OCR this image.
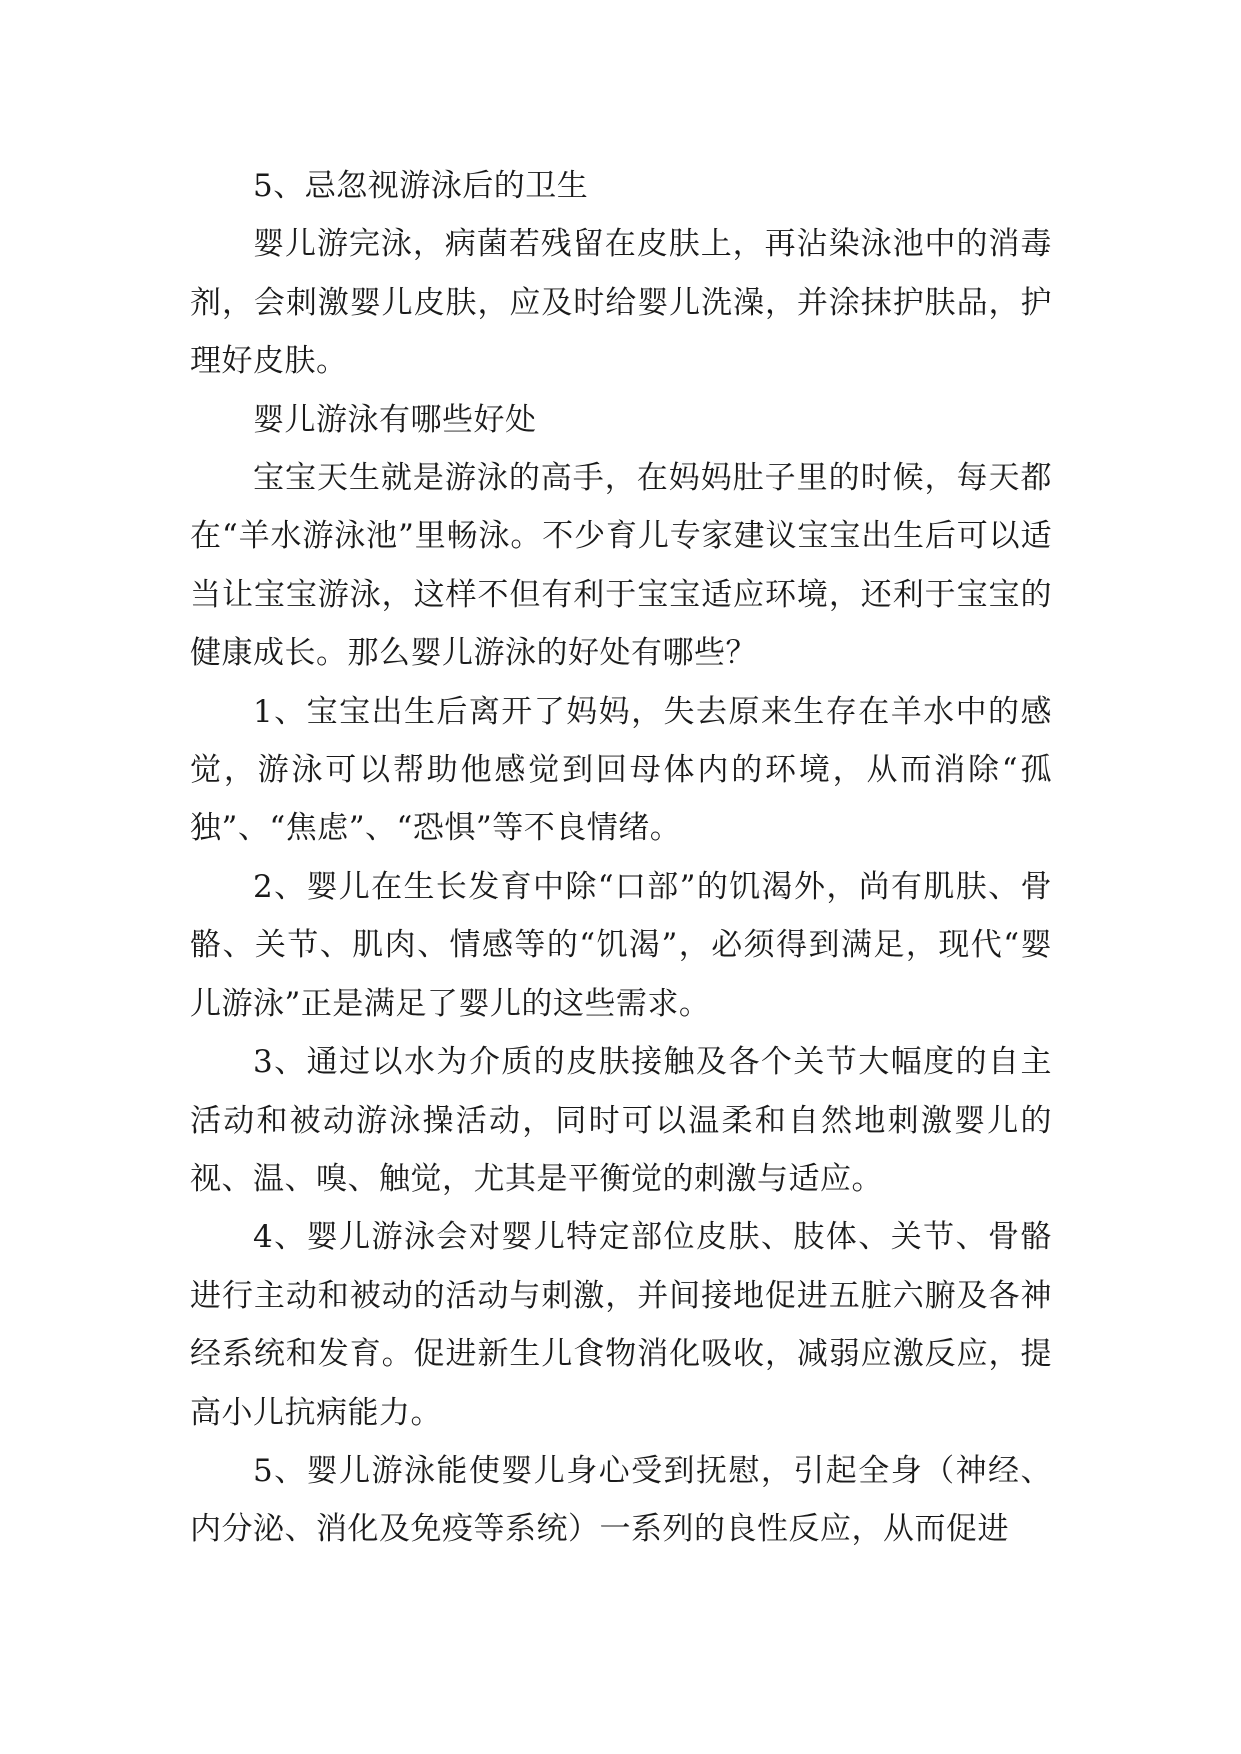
5、忌忽视游泳后的卫生

婴儿游完泳，病菌若残留在皮肤上，再沾染泳池中的消毒剂，会刺激婴儿皮肤，应及时给婴儿洗澡，并涂抹护肤品，护理好皮肤。

婴儿游泳有哪些好处

宝宝天生就是游泳的高手，在妈妈肚子里的时候，每天都在“羊水游泳池”里畅泳。不少育儿专家建议宝宝出生后可以适当让宝宝游泳，这样不但有利于宝宝适应环境，还利于宝宝的健康成长。那么婴儿游泳的好处有哪些？

1、宝宝出生后离开了妈妈，失去原来生存在羊水中的感觉，游泳可以帮助他感觉到回母体内的环境，从而消除“孤独”、“焦虑”、“恐惧”等不良情绪。

2、婴儿在生长发育中除“口部”的饥渴外，尚有肌肤、骨骼、关节、肌肉、情感等的“饥渴”，必须得到满足，现代“婴儿游泳”正是满足了婴儿的这些需求。

3、通过以水为介质的皮肤接触及各个关节大幅度的自主活动和被动游泳操活动，同时可以温柔和自然地刺激婴儿的视、温、嗅、触觉，尤其是平衡觉的刺激与适应。

4、婴儿游泳会对婴儿特定部位皮肤、肢体、关节、骨骼进行主动和被动的活动与刺激，并间接地促进五脏六腑及各神经系统和发育。促进新生儿食物消化吸收，减弱应激反应，提高小儿抗病能力。

5、婴儿游泳能使婴儿身心受到抚慰，引起全身（神经、内分泌、消化及免疫等系统）一系列的良性反应，从而促进
